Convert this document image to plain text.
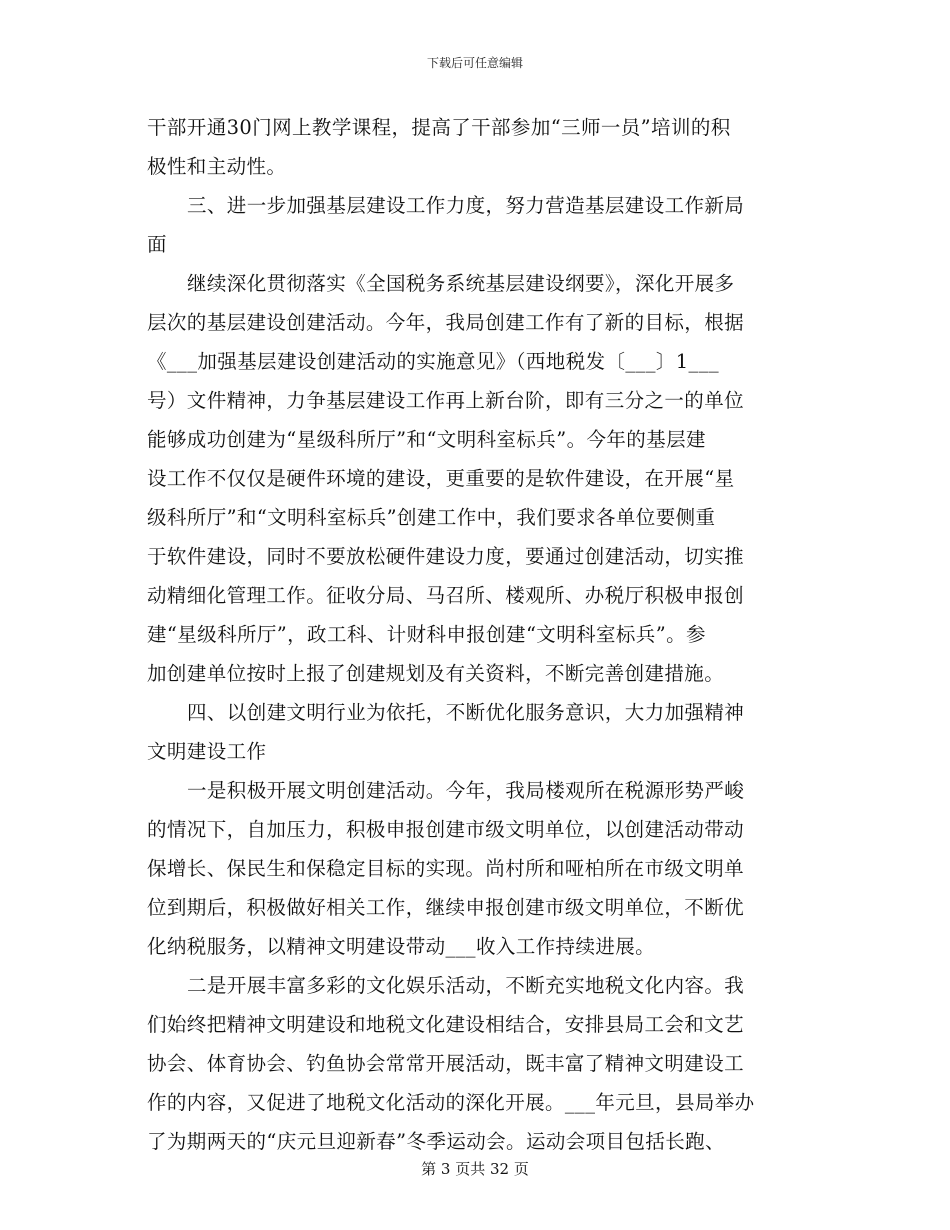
下载后可任意编辑
干部开通30门网上教学课程，提高了干部参加“三师一员”培训的积
极性和主动性。
三、进一步加强基层建设工作力度，努力营造基层建设工作新局
面
继续深化贯彻落实《全国税务系统基层建设纲要》，深化开展多
层次的基层建设创建活动。今年，我局创建工作有了新的目标，根据
《___加强基层建设创建活动的实施意见》（西地税发〔___〕1___
号）文件精神，力争基层建设工作再上新台阶，即有三分之一的单位
能够成功创建为“星级科所厅”和“文明科室标兵”。今年的基层建
设工作不仅仅是硬件环境的建设，更重要的是软件建设，在开展“星
级科所厅”和“文明科室标兵”创建工作中，我们要求各单位要侧重
于软件建设，同时不要放松硬件建设力度，要通过创建活动，切实推
动精细化管理工作。征收分局、马召所、楼观所、办税厅积极申报创
建“星级科所厅”，政工科、计财科申报创建“文明科室标兵”。参
加创建单位按时上报了创建规划及有关资料，不断完善创建措施。
四、以创建文明行业为依托，不断优化服务意识，大力加强精神
文明建设工作
一是积极开展文明创建活动。今年，我局楼观所在税源形势严峻
的情况下，自加压力，积极申报创建市级文明单位，以创建活动带动
保增长、保民生和保稳定目标的实现。尚村所和哑柏所在市级文明单
位到期后，积极做好相关工作，继续申报创建市级文明单位，不断优
化纳税服务，以精神文明建设带动___收入工作持续进展。
二是开展丰富多彩的文化娱乐活动，不断充实地税文化内容。我
们始终把精神文明建设和地税文化建设相结合，安排县局工会和文艺
协会、体育协会、钓鱼协会常常开展活动，既丰富了精神文明建设工
作的内容，又促进了地税文化活动的深化开展。___年元旦，县局举办
了为期两天的“庆元旦迎新春”冬季运动会。运动会项目包括长跑、
第 3 页共 32 页
